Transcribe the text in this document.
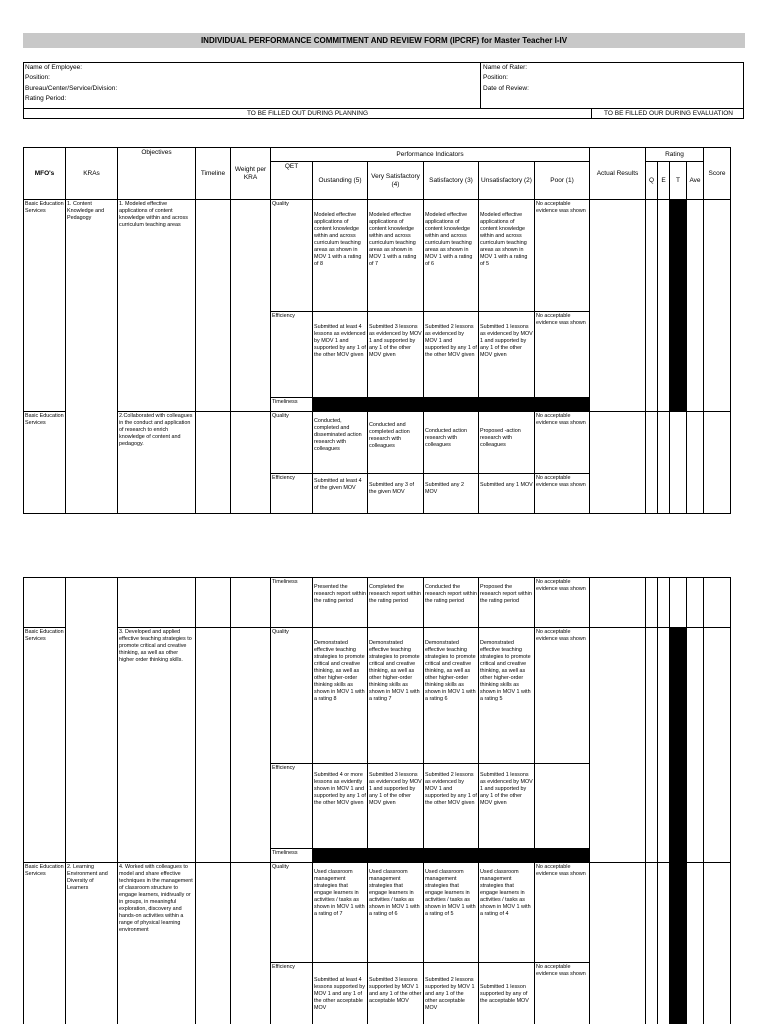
INDIVIDUAL PERFORMANCE COMMITMENT AND REVIEW FORM (IPCRF) for Master Teacher I-IV
Name of Employee:
Position:
Bureau/Center/Service/Division:
Rating Period:
Name of Rater:
Position:
Date of Review:
TO BE FILLED OUT DURING PLANNING	TO BE FILLED OUR DURING EVALUATION
MFO's	KRAs	Objectives	Timeline	Weight per KRA	Performance Indicators						Actual Results	Rating				Score
					QET	Oustanding (5)	Very Satisfactory (4)	Satisfactory (3)	Unsatisfactory (2)	Poor (1)		Q	E	T	Ave	
Basic Education Services	1. Content Knowledge and Pedagogy	1. Modeled effective applications of content knowledge within and across curriculum teaching areas			Quality	Modeled effective applications of content knowledge within and across curriculum teaching areas as shown in MOV 1 with a rating of 8	Modeled effective applications of content knowledge within and across curriculum teaching areas as shown in MOV 1 with a rating of 7	Modeled effective applications of content knowledge within and across curriculum teaching areas as shown in MOV 1 with a rating of 6	Modeled effective applications of content knowledge within and across curriculum teaching areas as shown in MOV 1 with a rating of 5	No acceptable evidence was shown						
					Efficiency	Submitted at least 4 lessons as evidenced by MOV 1 and supported by any 1 of the other MOV given	Submitted 3 lessons as evidenced by MOV 1 and supported by any 1 of the other MOV given	Submitted 2 lessons as evidenced by MOV 1 and supported by any 1 of the other MOV given	Submitted 1 lessons as evidenced by MOV 1 and supported by any 1 of the other MOV given	No acceptable evidence was shown						
					Timeliness											
Basic Education Services		2.Collaborated with colleagues in the conduct and application of research to enrich knowledge of content and pedagogy.			Quality	Conducted, completed and disseminated action research with colleagues	Conducted and completed action research with colleagues	Conducted action research with colleagues	Proposed -action research with colleagues	No acceptable evidence was shown						
					Efficiency	Submitted at least 4 of the given MOV	Submitted any 3 of the given MOV	Submitted any 2 MOV	Submitted any 1 MOV	No acceptable evidence was shown						
					Timeliness	Presented the research report within the rating period	Completed the research report within the rating period	Conducted the research report within the rating period	Proposed the research report within the rating period	No acceptable evidence was shown						
Basic Education Services		3. Developed and applied effective teaching strategies to promote critical and creative thinking, as well as other higher order thinking skills.			Quality	Demonstrated effective teaching strategies to promote critical and creative thinking, as well as other higher-order thinking skills as shown in MOV 1 with a rating 8	Demonstrated effective teaching strategies to promote critical and creative thinking, as well as other higher-order thinking skills as shown in MOV 1 with a rating 7	Demonstrated effective teaching strategies to promote critical and creative thinking, as well as other higher-order thinking skills as shown in MOV 1 with a rating 6	Demonstrated effective teaching strategies to promote critical and creative thinking, as well as other higher-order thinking skills as shown in MOV 1 with a rating 5	No acceptable evidence was shown						
					Efficiency	Submitted 4 or more lessons as evidently shown in MOV 1 and supported by any 1 of the other MOV given	Submitted 3 lessons as evidenced by MOV 1 and supported by any 1 of the other MOV given	Submitted 2 lessons as evidenced by MOV 1 and supported by any 1 of the other MOV given	Submitted 1 lessons as evidenced by MOV 1 and supported by any 1 of the other MOV given							
					Timeliness											
Basic Education Services	2. Learning Environment and Diversity of Learners	4. Worked with colleagues to model and share effective techniques in the management of classroom structure to engage learners, inidivually or in groups, in meaningful exploration, discovery and hands-on activities within a range of physical learning environment			Quality	Used classroom management strategies that engage learners in activities / tasks as shown in MOV 1 with a rating of 7	Used classroom management strategies that engage learners in activities / tasks as shown in MOV 1 with a rating of 6	Used classroom management strategies that engage learners in activities / tasks as shown in MOV 1 with a rating of 5	Used classroom management strategies that engage learners in activities / tasks as shown in MOV 1 with a rating of 4	No acceptable evidence was shown						
					Efficiency	Submitted at least 4 lessons supported by MOV 1 and any 1 of the other acceptable MOV	Submitted 3 lessons supported by MOV 1 and any 1 of the other acceptable MOV	Submitted 2 lessons supported by MOV 1 and any 1 of the other acceptable MOV	Submitted 1 lesson supported by any of the acceptable MOV	No acceptable evidence was shown						
